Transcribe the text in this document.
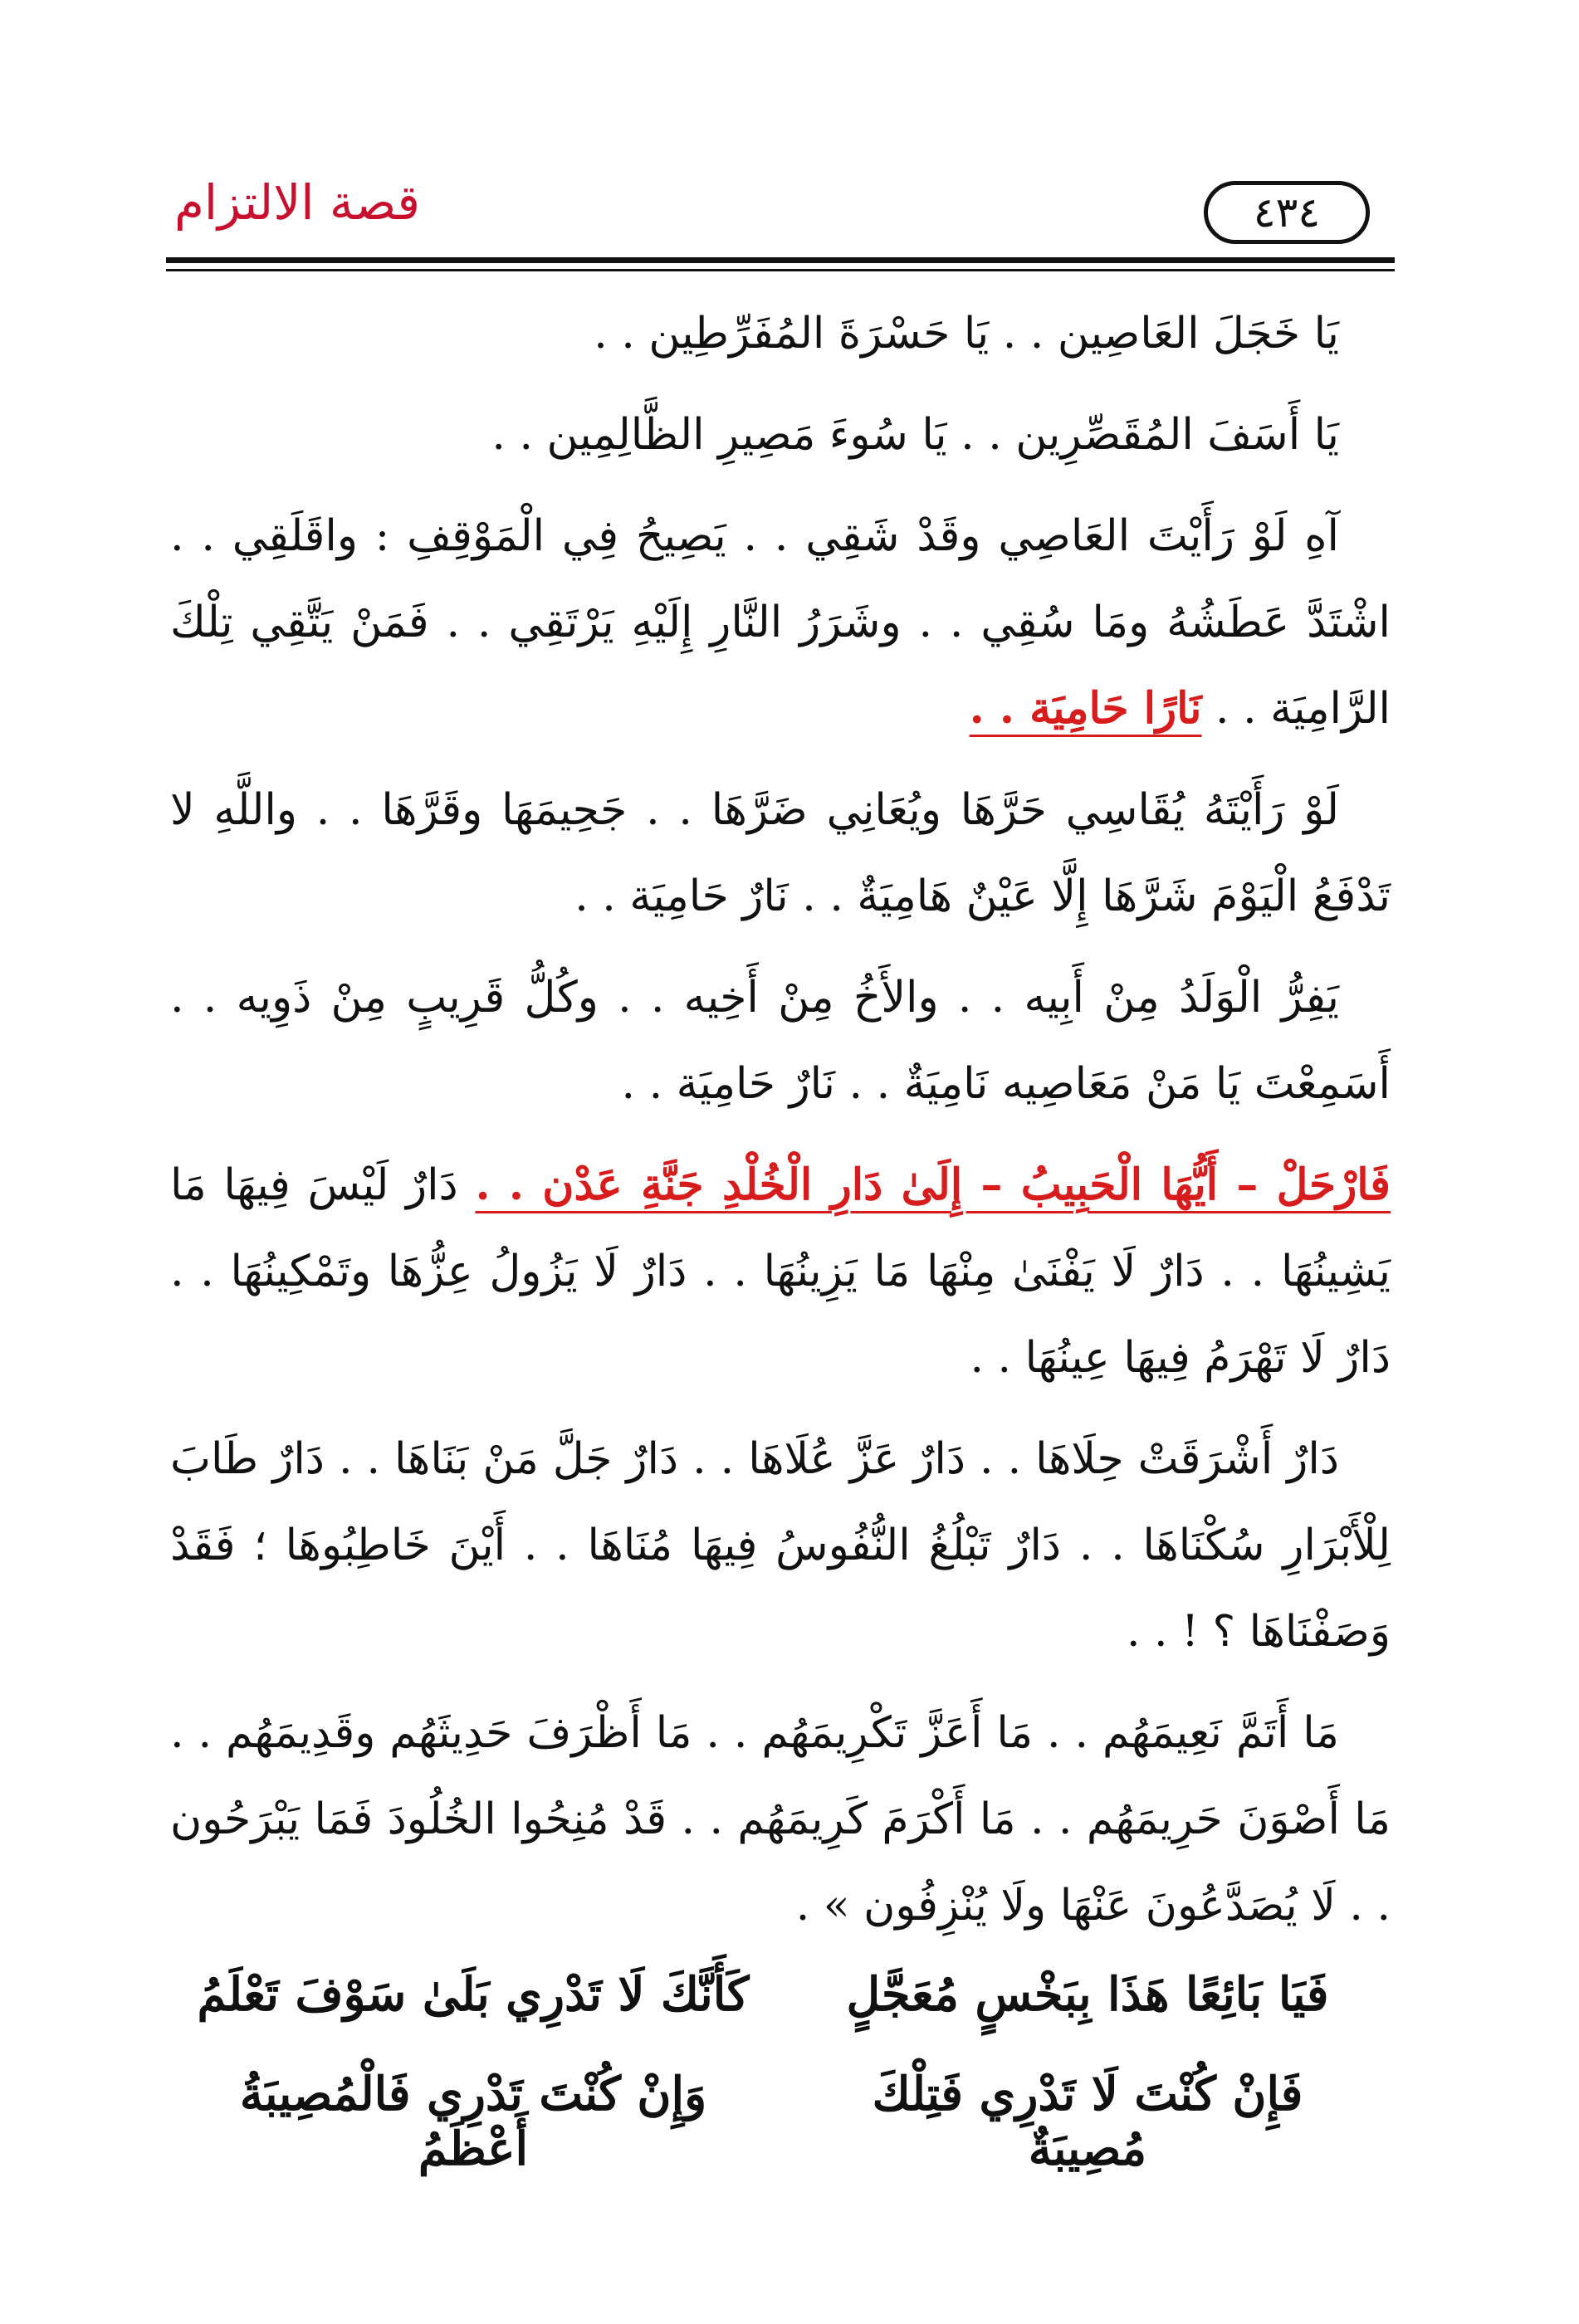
قصة الالتزام	٤٣٤

يَا خَجَلَ العَاصِين . . يَا حَسْرَةَ المُفَرِّطِين . .

يَا أَسَفَ المُقَصِّرِين . . يَا سُوءَ مَصِيرِ الظَّالِمِين . .

آهِ لَوْ رَأَيْتَ العَاصِي وقَدْ شَقِي . . يَصِيحُ فِي الْمَوْقِفِ : واقَلَقِي . . اشْتَدَّ عَطَشُهُ ومَا سُقِي . . وشَرَرُ النَّارِ إِلَيْهِ يَرْتَقِي . . فَمَنْ يَتَّقِي تِلْكَ الرَّامِيَة . . نَارًا حَامِيَة . .

لَوْ رَأَيْتَهُ يُقَاسِي حَرَّهَا ويُعَانِي ضَرَّهَا . . جَحِيمَهَا وقَرَّهَا . . واللَّهِ لا تَدْفَعُ الْيَوْمَ شَرَّهَا إِلَّا عَيْنٌ هَامِيَةٌ . . نَارٌ حَامِيَة . .

يَفِرُّ الْوَلَدُ مِنْ أَبِيه . . والأَخُ مِنْ أَخِيه . . وكُلُّ قَرِيبٍ مِنْ ذَوِيه . . أَسَمِعْتَ يَا مَنْ مَعَاصِيه نَامِيَةٌ . . نَارٌ حَامِيَة . .

فَارْحَلْ – أَيُّهَا الْحَبِيبُ – إِلَىٰ دَارِ الْخُلْدِ جَنَّةِ عَدْن . . دَارٌ لَيْسَ فِيهَا مَا يَشِينُهَا . . دَارٌ لَا يَفْنَىٰ مِنْهَا مَا يَزِينُهَا . . دَارٌ لَا يَزُولُ عِزُّهَا وتَمْكِينُهَا . . دَارٌ لَا تَهْرَمُ فِيهَا عِينُهَا . .

دَارٌ أَشْرَقَتْ حِلَاهَا . . دَارٌ عَزَّ عُلَاهَا . . دَارٌ جَلَّ مَنْ بَنَاهَا . . دَارٌ طَابَ لِلْأَبْرَارِ سُكْنَاهَا . . دَارٌ تَبْلُغُ النُّفُوسُ فِيهَا مُنَاهَا . . أَيْنَ خَاطِبُوهَا ؛ فَقَدْ وَصَفْنَاهَا ؟ ! . .

مَا أَتَمَّ نَعِيمَهُم . . مَا أَعَزَّ تَكْرِيمَهُم . . مَا أَظْرَفَ حَدِيثَهُم وقَدِيمَهُم . . مَا أَصْوَنَ حَرِيمَهُم . . مَا أَكْرَمَ كَرِيمَهُم . . قَدْ مُنِحُوا الخُلُودَ فَمَا يَبْرَحُون . . لَا يُصَدَّعُونَ عَنْهَا ولَا يُنْزِفُون » .

فَيَا بَائِعًا هَذَا بِبَخْسٍ مُعَجَّلٍ
كَأَنَّكَ لَا تَدْرِي بَلَىٰ سَوْفَ تَعْلَمُ
فَإِنْ كُنْتَ لَا تَدْرِي فَتِلْكَ مُصِيبَةٌ
وَإِنْ كُنْتَ تَدْرِي فَالْمُصِيبَةُ أَعْظَمُ
